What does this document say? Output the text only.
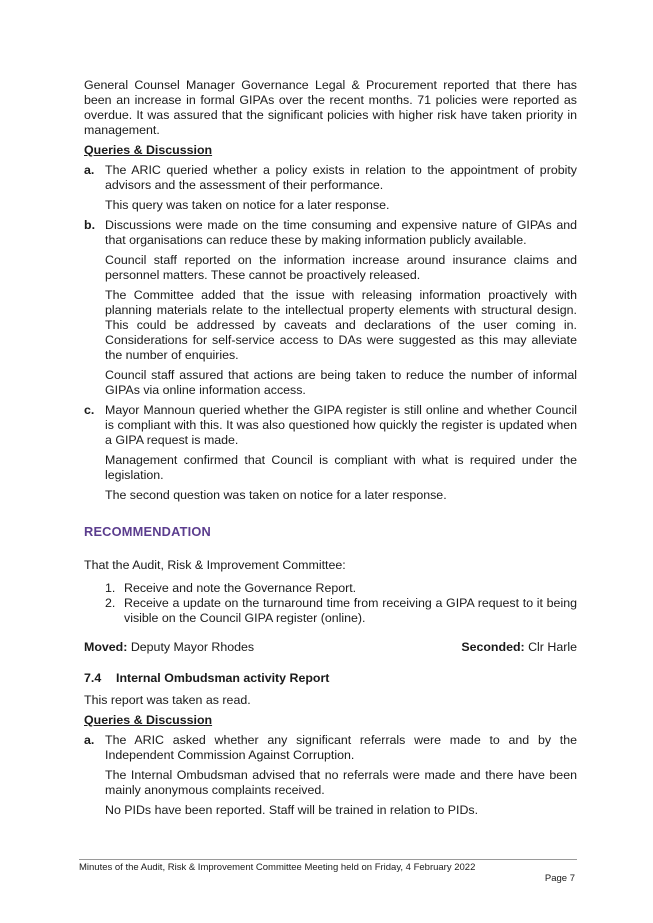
General Counsel Manager Governance Legal & Procurement reported that there has been an increase in formal GIPAs over the recent months. 71 policies were reported as overdue. It was assured that the significant policies with higher risk have taken priority in management.

Queries & Discussion
a. The ARIC queried whether a policy exists in relation to the appointment of probity advisors and the assessment of their performance.

This query was taken on notice for a later response.

b. Discussions were made on the time consuming and expensive nature of GIPAs and that organisations can reduce these by making information publicly available.

Council staff reported on the information increase around insurance claims and personnel matters. These cannot be proactively released.

The Committee added that the issue with releasing information proactively with planning materials relate to the intellectual property elements with structural design. This could be addressed by caveats and declarations of the user coming in. Considerations for self-service access to DAs were suggested as this may alleviate the number of enquiries.

Council staff assured that actions are being taken to reduce the number of informal GIPAs via online information access.

c. Mayor Mannoun queried whether the GIPA register is still online and whether Council is compliant with this. It was also questioned how quickly the register is updated when a GIPA request is made.

Management confirmed that Council is compliant with what is required under the legislation.

The second question was taken on notice for a later response.

RECOMMENDATION

That the Audit, Risk & Improvement Committee:

1. Receive and note the Governance Report.
2. Receive a update on the turnaround time from receiving a GIPA request to it being visible on the Council GIPA register (online).
Moved: Deputy Mayor Rhodes	Seconded: Clr Harle
7.4 Internal Ombudsman activity Report

This report was taken as read.

Queries & Discussion
a. The ARIC asked whether any significant referrals were made to and by the Independent Commission Against Corruption.

The Internal Ombudsman advised that no referrals were made and there have been mainly anonymous complaints received.

No PIDs have been reported. Staff will be trained in relation to PIDs.

Minutes of the Audit, Risk & Improvement Committee Meeting held on Friday, 4 February 2022
Page 7
